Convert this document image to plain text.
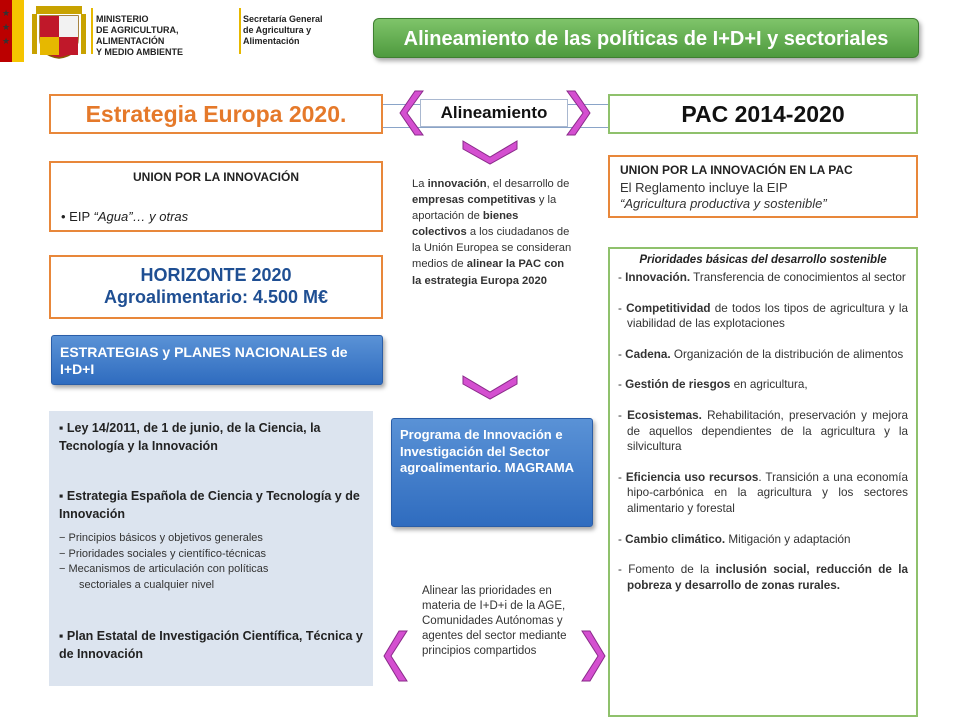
★
★
★
MINISTERIO
DE AGRICULTURA, ALIMENTACIÓN
Y MEDIO AMBIENTE
Secretaría General
de Agricultura y
Alimentación	Alineamiento de las políticas de I+D+I y sectoriales
Estrategia Europa 2020.	PAC 2014-2020
Alineamiento
UNION POR LA INNOVACIÓN
• EIP “Agua”… y otras
UNION POR LA INNOVACIÓN EN LA PAC
El Reglamento incluye la EIP
“Agricultura productiva y sostenible”
La innovación, el desarrollo de empresas competitivas y la aportación de bienes colectivos a los ciudadanos de la Unión Europea se consideran medios de alinear la PAC con la estrategia Europa 2020
HORIZONTE 2020
Agroalimentario: 4.500 M€
ESTRATEGIAS y PLANES NACIONALES de I+D+I
Programa de Innovación e Investigación del Sector agroalimentario. MAGRAMA
▪ Ley 14/2011, de 1 de junio, de la Ciencia, la Tecnología y la Innovación
▪ Estrategia Española de Ciencia y Tecnología y de Innovación
− Principios básicos y objetivos generales
− Prioridades sociales y científico-técnicas
− Mecanismos de articulación con políticas
sectoriales a cualquier nivel
▪ Plan Estatal de Investigación Científica, Técnica y de Innovación
Alinear las prioridades en materia de I+D+i de la AGE, Comunidades Autónomas y agentes del sector mediante principios compartidos
Prioridades básicas del desarrollo sostenible
- Innovación. Transferencia de conocimientos al sector
- Competitividad de todos los tipos de agricultura y la viabilidad de las explotaciones
- Cadena. Organización de la distribución de alimentos
- Gestión de riesgos en agricultura,
- Ecosistemas. Rehabilitación, preservación y mejora de aquellos dependientes de la agricultura y la silvicultura
- Eficiencia uso recursos. Transición a una economía hipo-carbónica en la agricultura y los sectores alimentario y forestal
- Cambio climático. Mitigación y adaptación
- Fomento de la inclusión social, reducción de la pobreza y desarrollo de zonas rurales.
